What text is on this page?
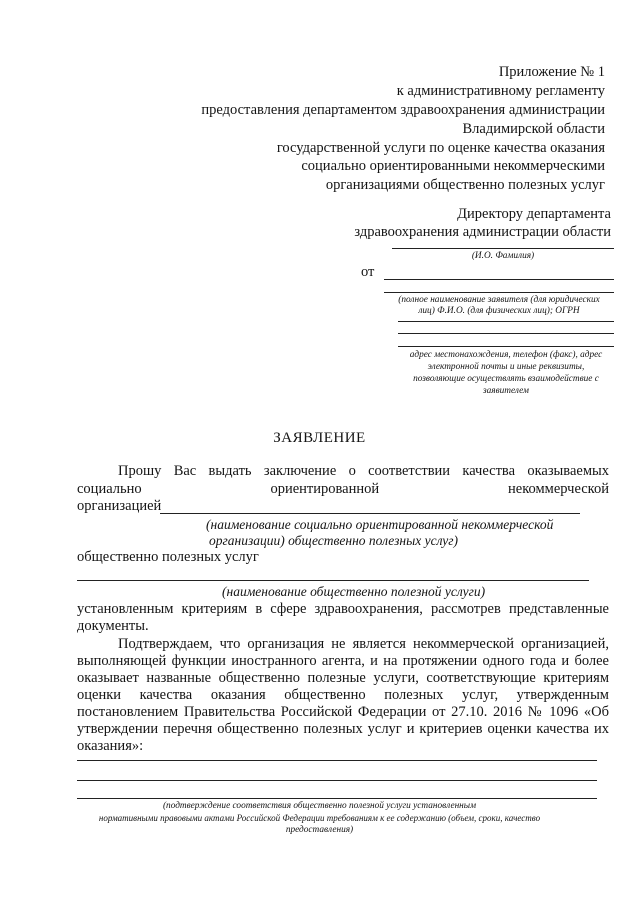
Приложение № 1
к административному регламенту
предоставления департаментом здравоохранения администрации
Владимирской области
государственной услуги по оценке качества оказания
социально ориентированными некоммерческими
организациями общественно полезных услуг
Директору департамента
здравоохранения администрации области
(И.О. Фамилия)
от
(полное наименование заявителя (для юридических
лиц) Ф.И.О. (для физических лиц); ОГРН
адрес местонахождения, телефон (факс), адрес
электронной почты и иные реквизиты,
позволяющие осуществлять взаимодействие с
заявителем
ЗАЯВЛЕНИЕ
Прошу Вас выдать заключение о соответствии качества оказываемых
социально ориентированной некоммерческой
организацией
(наименование социально ориентированной некоммерческой
организации) общественно полезных услуг)
общественно полезных услуг
(наименование общественно полезной услуги)
установленным критериям в сфере здравоохранения, рассмотрев представленные
документы.
Подтверждаем, что организация не является некоммерческой организацией,
выполняющей функции иностранного агента, и на протяжении одного года и более
оказывает названные общественно полезные услуги, соответствующие критериям
оценки качества оказания общественно полезных услуг, утвержденным
постановлением Правительства Российской Федерации от 27.10. 2016 № 1096 «Об
утверждении перечня общественно полезных услуг и критериев оценки качества их
оказания»:
(подтверждение соответствия общественно полезной услуги установленным
нормативными правовыми актами Российской Федерации требованиям к ее содержанию (объем, сроки, качество
предоставления)
